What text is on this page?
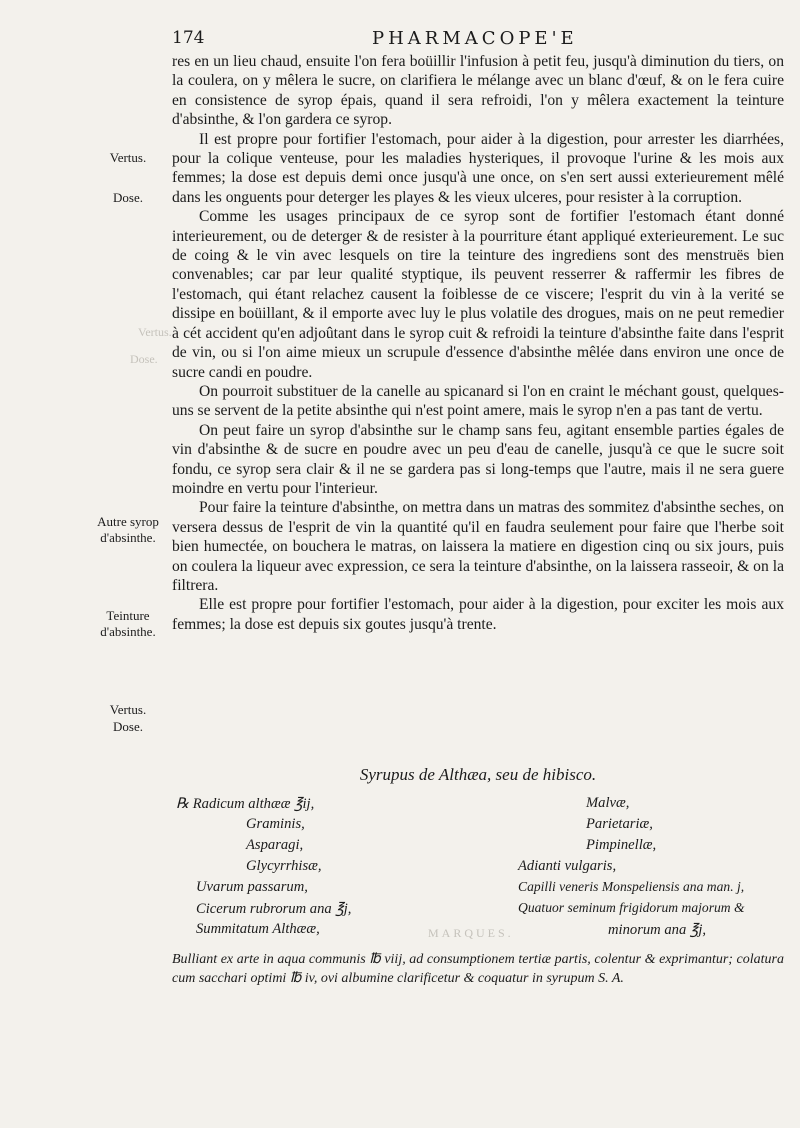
174	PHARMACOPE'E
Vertus.
Dose.
Autre syrop d'absinthe.
Teinture d'absinthe.
Vertus.
Dose.
Vertus.
Dose.
MARQUES.

res en un lieu chaud, ensuite l'on fera boüillir l'infusion à petit feu, jusqu'à diminution du tiers, on la coulera, on y mêlera le sucre, on clarifiera le mélange avec un blanc d'œuf, & on le fera cuire en consistence de syrop épais, quand il sera refroidi, l'on y mêlera exactement la teinture d'absinthe, & l'on gardera ce syrop.

Il est propre pour fortifier l'estomach, pour aider à la digestion, pour arrester les diarrhées, pour la colique venteuse, pour les maladies hysteriques, il provoque l'urine & les mois aux femmes; la dose est depuis demi once jusqu'à une once, on s'en sert aussi exterieurement mêlé dans les onguents pour deterger les playes & les vieux ulceres, pour resister à la corruption.

Comme les usages principaux de ce syrop sont de fortifier l'estomach étant donné interieurement, ou de deterger & de resister à la pourriture étant appliqué exterieurement. Le suc de coing & le vin avec lesquels on tire la teinture des ingrediens sont des menstruës bien convenables; car par leur qualité styptique, ils peuvent resserrer & raffermir les fibres de l'estomach, qui étant relachez causent la foiblesse de ce viscere; l'esprit du vin à la verité se dissipe en boüillant, & il emporte avec luy le plus volatile des drogues, mais on ne peut remedier à cét accident qu'en adjoûtant dans le syrop cuit & refroidi la teinture d'absinthe faite dans l'esprit de vin, ou si l'on aime mieux un scrupule d'essence d'absinthe mêlée dans environ une once de sucre candi en poudre.

On pourroit substituer de la canelle au spicanard si l'on en craint le méchant goust, quelques-uns se servent de la petite absinthe qui n'est point amere, mais le syrop n'en a pas tant de vertu.

On peut faire un syrop d'absinthe sur le champ sans feu, agitant ensemble parties égales de vin d'absinthe & de sucre en poudre avec un peu d'eau de canelle, jusqu'à ce que le sucre soit fondu, ce syrop sera clair & il ne se gardera pas si long-temps que l'autre, mais il ne sera guere moindre en vertu pour l'interieur.

Pour faire la teinture d'absinthe, on mettra dans un matras des sommitez d'absinthe seches, on versera dessus de l'esprit de vin la quantité qu'il en faudra seulement pour faire que l'herbe soit bien humectée, on bouchera le matras, on laissera la matiere en digestion cinq ou six jours, puis on coulera la liqueur avec expression, ce sera la teinture d'absinthe, on la laissera rasseoir, & on la filtrera.

Elle est propre pour fortifier l'estomach, pour aider à la digestion, pour exciter les mois aux femmes; la dose est depuis six goutes jusqu'à trente.

Syrupus de Althæa, seu de hibisco.
℞ Radicum althææ ℥ij,
Graminis,
Asparagi,
Glycyrrhisæ,
Uvarum passarum,
Cicerum rubrorum ana ℥j,
Summitatum Althææ,
Malvæ,
Parietariæ,
Pimpinellæ,
Adianti vulgaris,
Capilli veneris Monspeliensis ana man. j,
Quatuor seminum frigidorum majorum &
minorum ana ℥j,
Bulliant ex arte in aqua communis ℔ viij, ad consumptionem tertiæ partis, colentur & exprimantur; colatura cum sacchari optimi ℔ iv, ovi albumine clarificetur & coquatur in syrupum S. A.
